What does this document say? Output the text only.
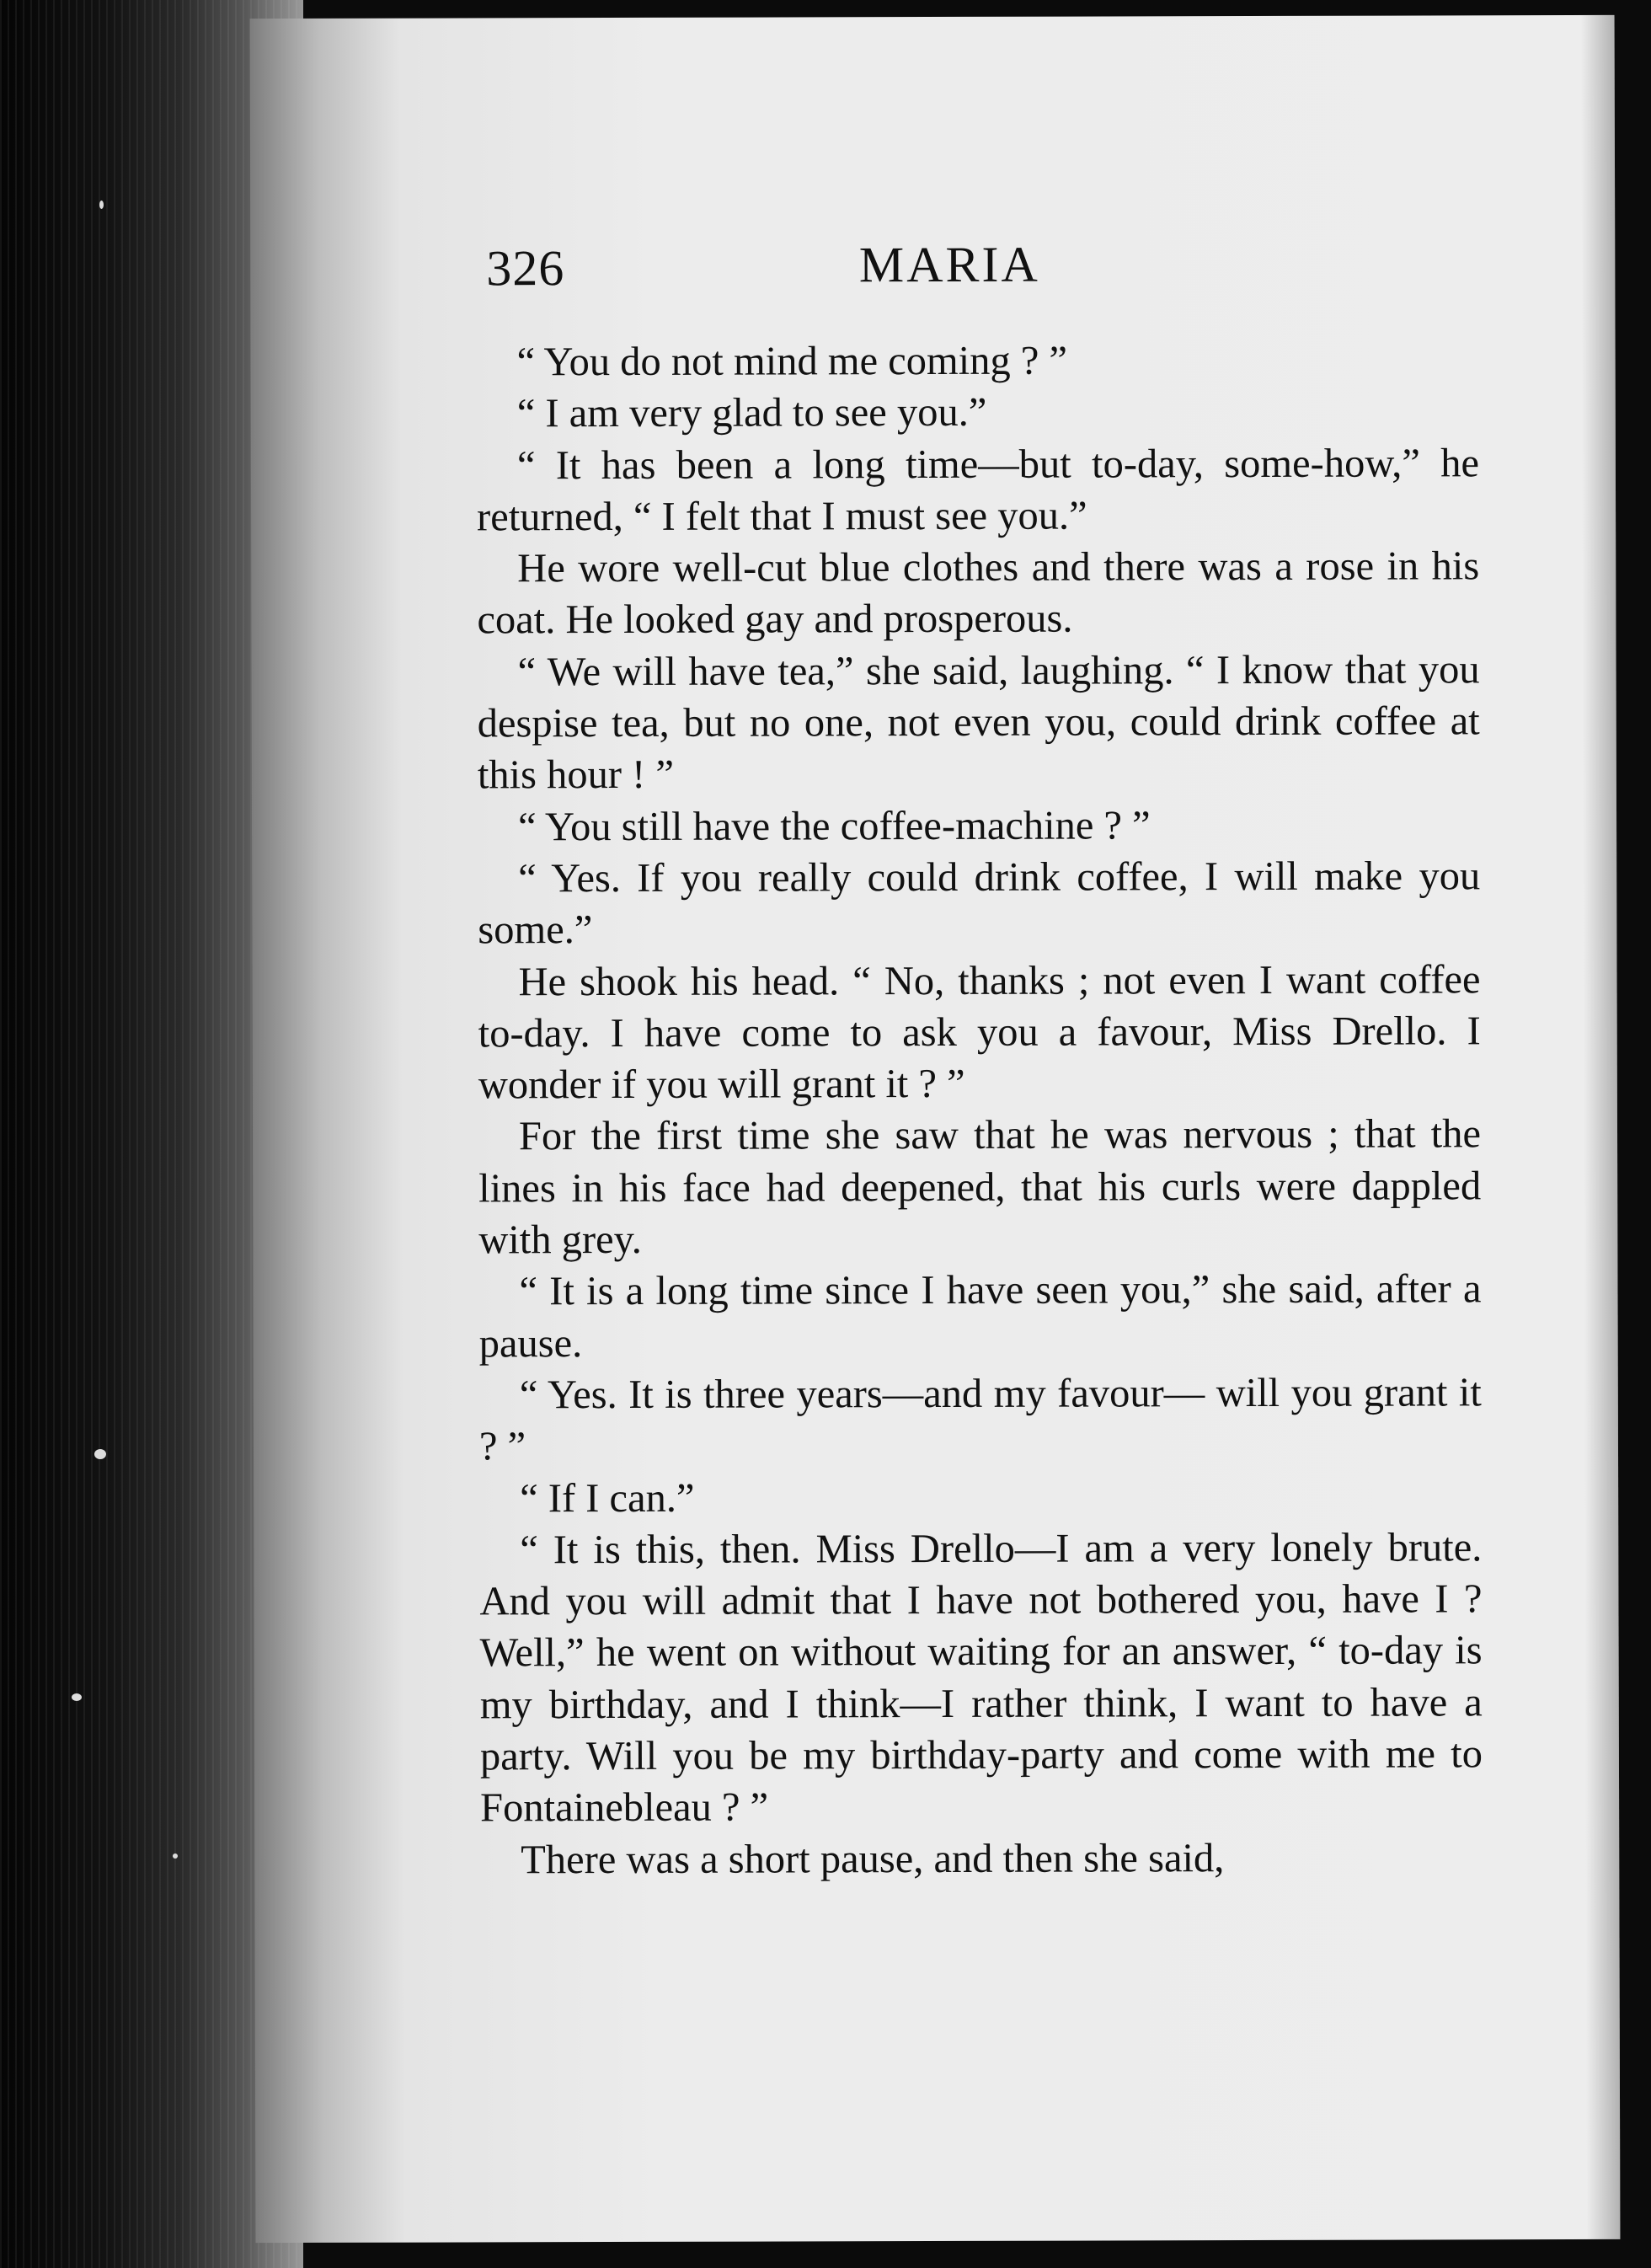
326	MARIA

“ You do not mind me coming ? ”

“ I am very glad to see you.”

“ It has been a long time—but to-day, some-how,” he returned, “ I felt that I must see you.”

He wore well-cut blue clothes and there was a rose in his coat. He looked gay and prosperous.

“ We will have tea,” she said, laughing. “ I know that you despise tea, but no one, not even you, could drink coffee at this hour ! ”

“ You still have the coffee-machine ? ”

“ Yes. If you really could drink coffee, I will make you some.”

He shook his head. “ No, thanks ; not even I want coffee to-day. I have come to ask you a favour, Miss Drello. I wonder if you will grant it ? ”

For the first time she saw that he was nervous ; that the lines in his face had deepened, that his curls were dappled with grey.

“ It is a long time since I have seen you,” she said, after a pause.

“ Yes. It is three years—and my favour— will you grant it ? ”

“ If I can.”

“ It is this, then. Miss Drello—I am a very lonely brute. And you will admit that I have not bothered you, have I ? Well,” he went on without waiting for an answer, “ to-day is my birthday, and I think—I rather think, I want to have a party. Will you be my birthday-party and come with me to Fontainebleau ? ”

There was a short pause, and then she said,
